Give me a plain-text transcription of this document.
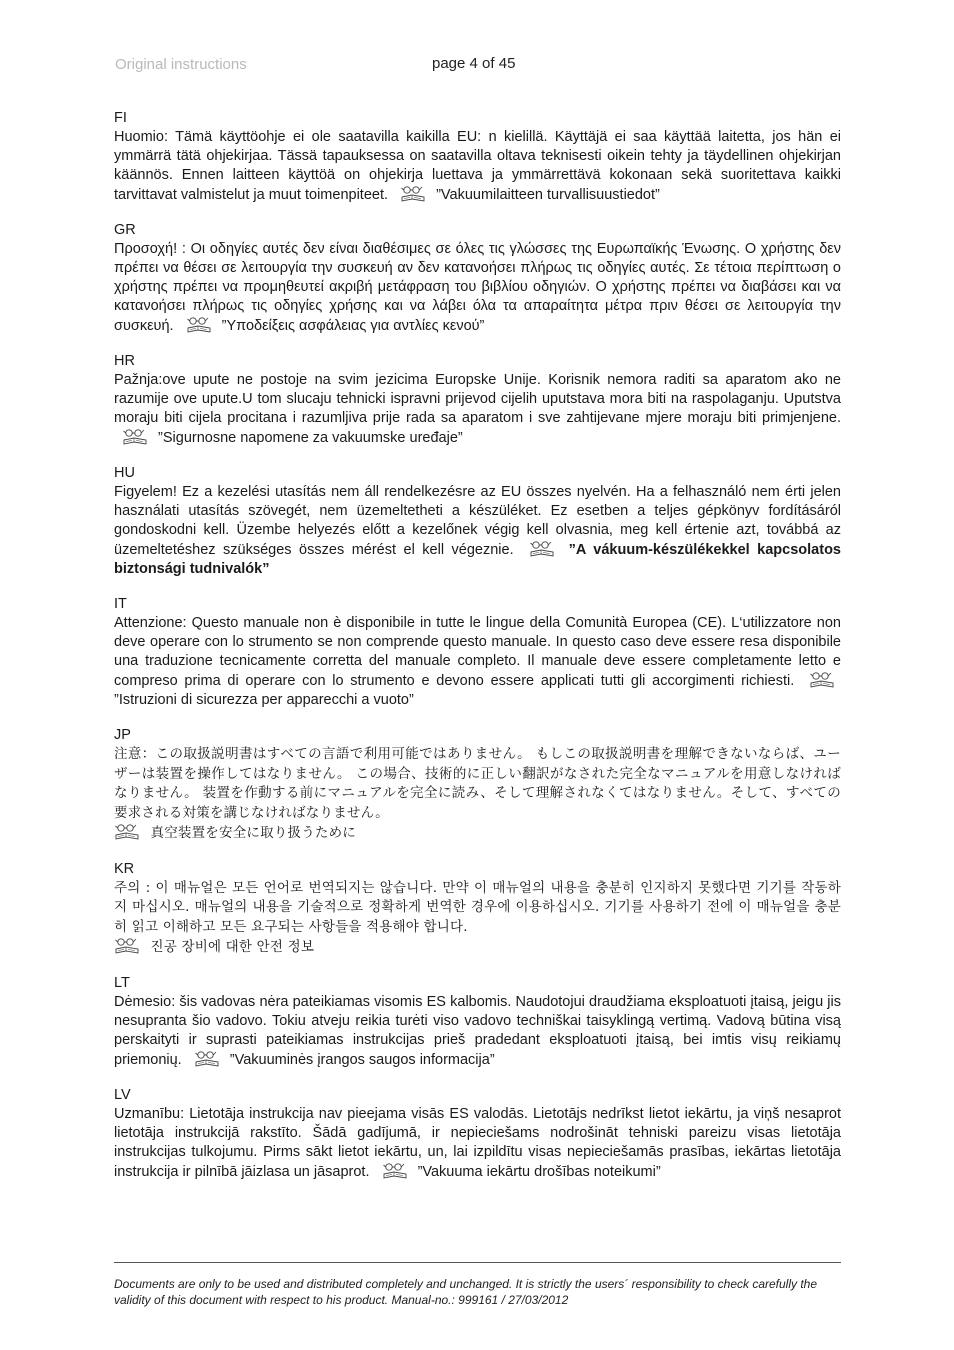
Original instructions	page 4 of 45
FI
Huomio: Tämä käyttöohje ei ole saatavilla kaikilla EU: n kielillä. Käyttäjä ei saa käyttää laitetta, jos hän ei ymmärrä tätä ohjekirjaa. Tässä tapauksessa on saatavilla oltava teknisesti oikein tehty ja täydellinen ohjekirjan käännös. Ennen laitteen käyttöä on ohjekirja luettava ja ymmärrettävä kokonaan sekä suoritettava kaikki tarvittavat valmistelut ja muut toimenpiteet.	”Vakuumilaitteen turvallisuustiedot”
GR
Προσοχή! : Οι οδηγίες αυτές δεν είναι διαθέσιμες σε όλες τις γλώσσες της Ευρωπαϊκής Ένωσης. Ο χρήστης δεν πρέπει να θέσει σε λειτουργία την συσκευή αν δεν κατανοήσει πλήρως τις οδηγίες αυτές. Σε τέτοια περίπτωση ο χρήστης πρέπει να προμηθευτεί ακριβή μετάφραση του βιβλίου οδηγιών. Ο χρήστης πρέπει να διαβάσει και να κατανοήσει πλήρως τις οδηγίες χρήσης και να λάβει όλα τα απαραίτητα μέτρα πριν θέσει σε λειτουργία την συσκευή.	”Υποδείξεις ασφάλειας για αντλίες κενού”
HR
Pažnja:ove upute ne postoje na svim jezicima Europske Unije. Korisnik nemora raditi sa aparatom ako ne razumije ove upute.U tom slucaju tehnicki ispravni prijevod cijelih uputstava mora biti na raspolaganju. Uputstva moraju biti cijela procitana i razumljiva prije rada sa aparatom i sve zahtijevane mjere moraju biti primjenjene.
”Sigurnosne napomene za vakuumske uređaje”
HU
Figyelem! Ez a kezelési utasítás nem áll rendelkezésre az EU összes nyelvén. Ha a felhasználó nem érti jelen használati utasítás szövegét, nem üzemeltetheti a készüléket. Ez esetben a teljes gépkönyv fordításáról gondoskodni kell. Üzembe helyezés előtt a kezelőnek végig kell olvasnia, meg kell értenie azt, továbbá az üzemeltetéshez szükséges összes mérést el kell végeznie.	”A vákuum-készülékekkel kapcsolatos biztonsági tudnivalók”
IT
Attenzione: Questo manuale non è disponibile in tutte le lingue della Comunità Europea (CE). L‘utilizzatore non deve operare con lo strumento se non comprende questo manuale. In questo caso deve essere resa disponibile una traduzione tecnicamente corretta del manuale completo. Il manuale deve essere completamente letto e compreso prima di operare con lo strumento e devono essere applicati tutti gli accorgimenti richiesti.
”Istruzioni di sicurezza per apparecchi a vuoto”
JP
注意：この取扱説明書はすべての言語で利用可能ではありません。 もしこの取扱説明書を理解できないならば、ユーザーは装置を操作してはなりません。 この場合、技術的に正しい翻訳がなされた完全なマニュアルを用意しなければなりません。 装置を作動する前にマニュアルを完全に読み、そして理解されなくてはなりません。そして、すべての要求される対策を講じなければなりません。

真空装置を安全に取り扱うために
KR
주의 : 이 매뉴얼은 모든 언어로 번역되지는 않습니다. 만약 이 매뉴얼의 내용을 충분히 인지하지 못했다면 기기를 작동하지 마십시오. 매뉴얼의 내용을 기술적으로 정확하게 번역한 경우에 이용하십시오. 기기를 사용하기 전에 이 매뉴얼을 충분히 읽고 이해하고 모든 요구되는 사항들을 적용해야 합니다.

진공 장비에 대한 안전 정보
LT
Dėmesio: šis vadovas nėra pateikiamas visomis ES kalbomis. Naudotojui draudžiama eksploatuoti įtaisą, jeigu jis nesupranta šio vadovo. Tokiu atveju reikia turėti viso vadovo techniškai taisyklingą vertimą. Vadovą būtina visą perskaityti ir suprasti pateikiamas instrukcijas prieš pradedant eksploatuoti įtaisą, bei imtis visų reikiamų priemonių.	”Vakuuminės įrangos saugos informacija”
LV
Uzmanību: Lietotāja instrukcija nav pieejama visās ES valodās. Lietotājs nedrīkst lietot iekārtu, ja viņš nesaprot lietotāja instrukcijā rakstīto. Šādā gadījumā, ir nepieciešams nodrošināt tehniski pareizu visas lietotāja instrukcijas tulkojumu. Pirms sākt lietot iekārtu, un, lai izpildītu visas nepieciešamās prasības, iekārtas lietotāja instrukcija ir pilnībā jāizlasa un jāsaprot.	”Vakuuma iekārtu drošības noteikumi”
Documents are only to be used and distributed completely and unchanged. It is strictly the users´ responsibility to check carefully the validity of this document with respect to his product. Manual-no.: 999161 / 27/03/2012
